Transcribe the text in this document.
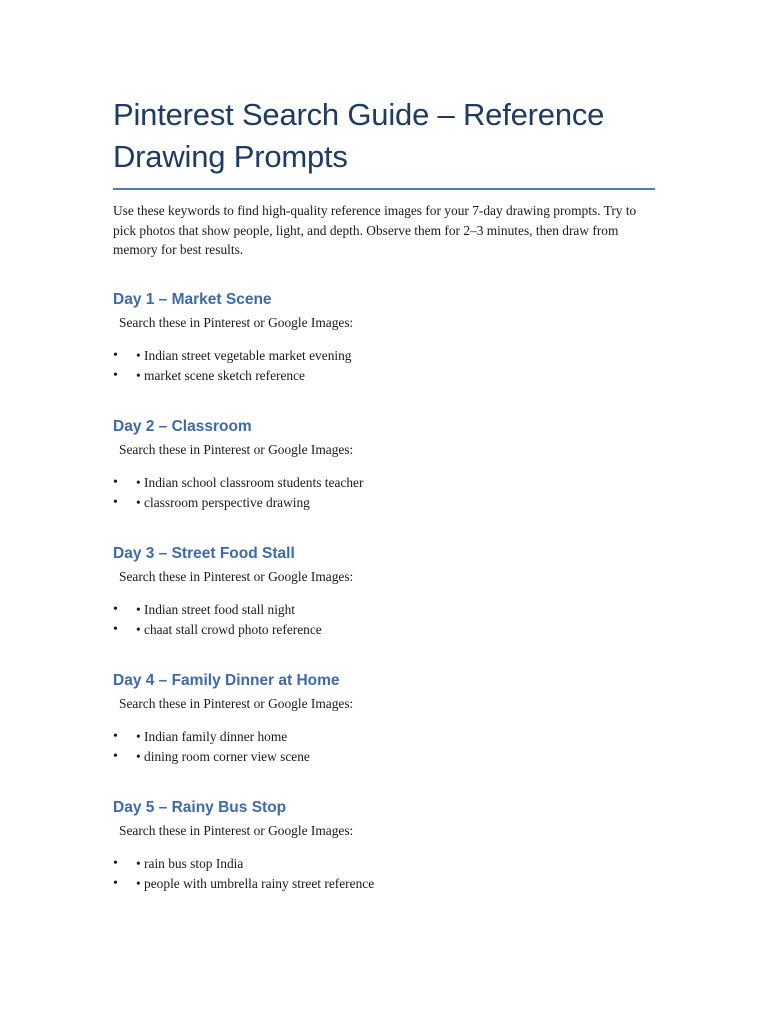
Pinterest Search Guide – Reference Drawing Prompts

Use these keywords to find high-quality reference images for your 7-day drawing prompts. Try to pick photos that show people, light, and depth. Observe them for 2–3 minutes, then draw from memory for best results.

Day 1 – Market Scene

Search these in Pinterest or Google Images:

• • Indian street vegetable market evening
• • market scene sketch reference
Day 2 – Classroom

Search these in Pinterest or Google Images:

• • Indian school classroom students teacher
• • classroom perspective drawing
Day 3 – Street Food Stall

Search these in Pinterest or Google Images:

• • Indian street food stall night
• • chaat stall crowd photo reference
Day 4 – Family Dinner at Home

Search these in Pinterest or Google Images:

• • Indian family dinner home
• • dining room corner view scene
Day 5 – Rainy Bus Stop

Search these in Pinterest or Google Images:

• • rain bus stop India
• • people with umbrella rainy street reference
